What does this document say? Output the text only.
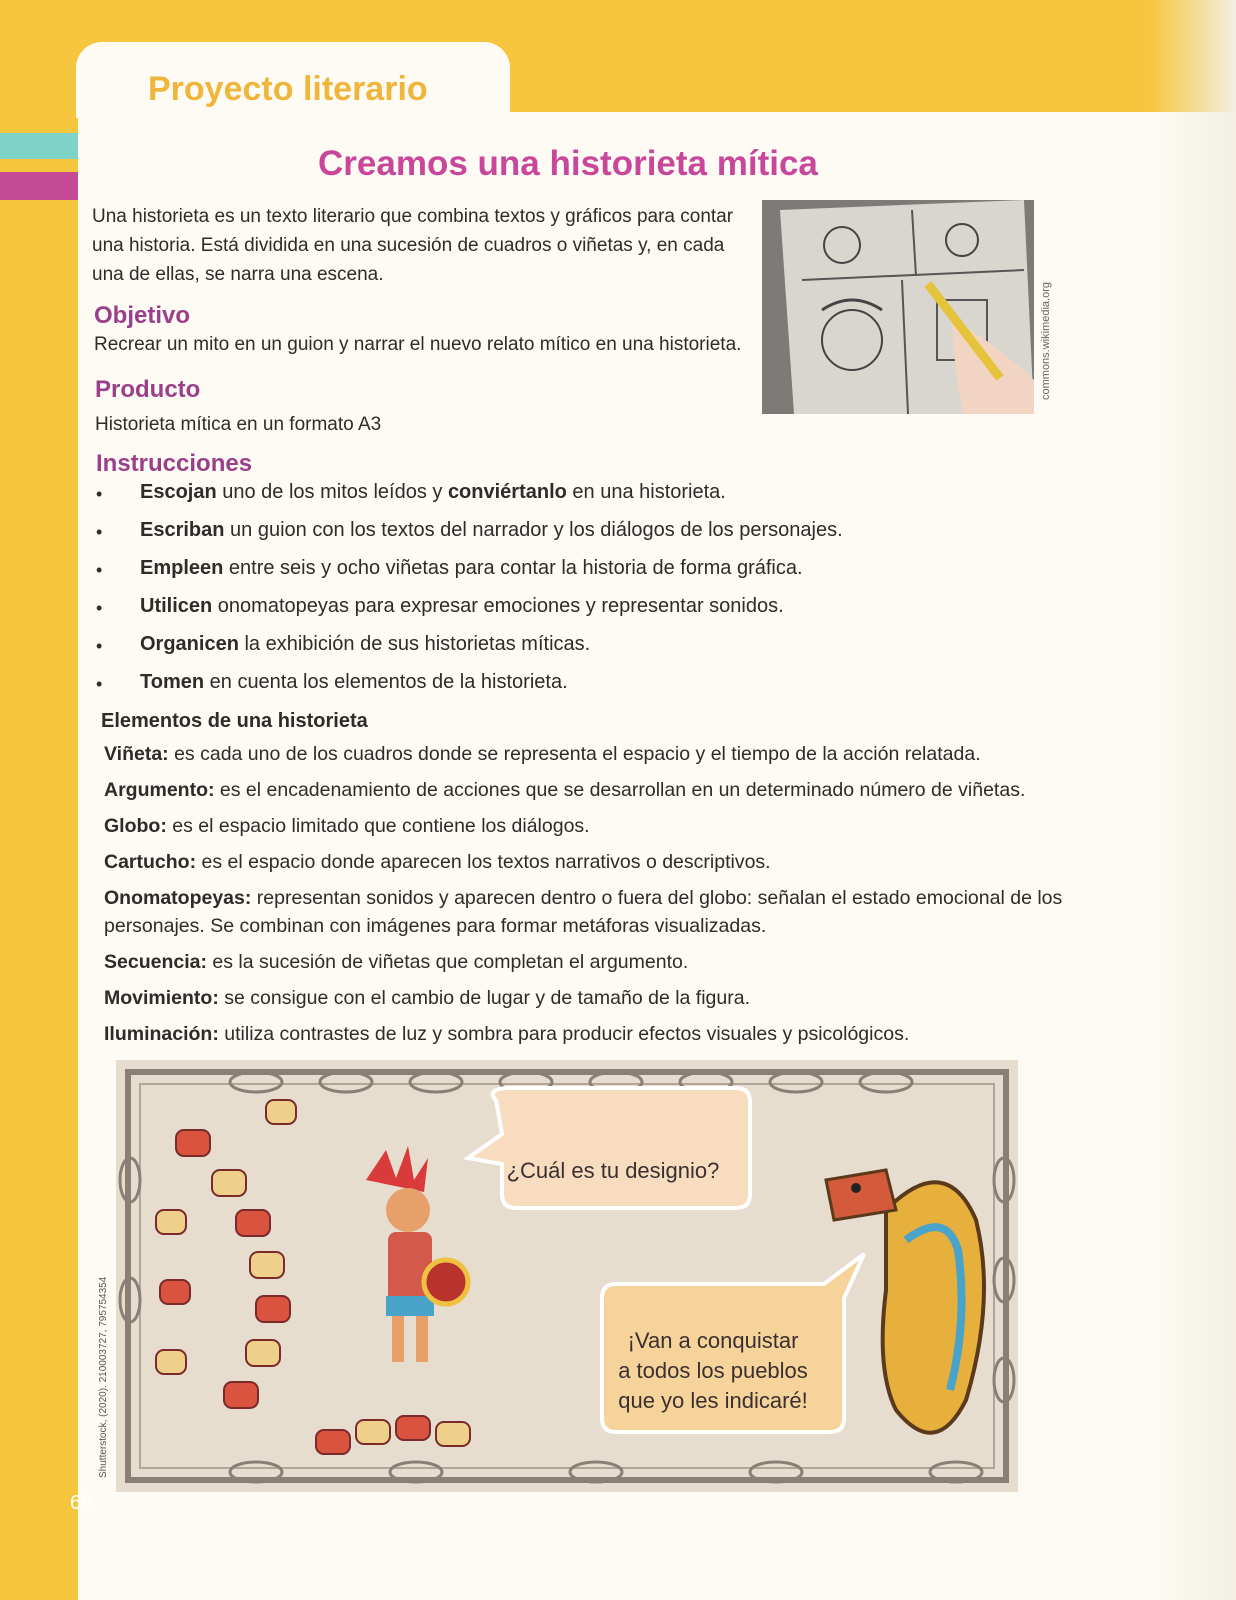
Proyecto literario
Creamos una historieta mítica
Una historieta es un texto literario que combina textos y gráficos para contar
una historia. Está dividida en una sucesión de cuadros o viñetas y, en cada
una de ellas, se narra una escena.
Objetivo
Recrear un mito en un guion y narrar el nuevo relato mítico en una historieta.
Producto
Historieta mítica en un formato A3
commons.wikimedia.org
Instrucciones
• Escojan uno de los mitos leídos y conviértanlo en una historieta.
• Escriban un guion con los textos del narrador y los diálogos de los personajes.
• Empleen entre seis y ocho viñetas para contar la historia de forma gráfica.
• Utilicen onomatopeyas para expresar emociones y representar sonidos.
• Organicen la exhibición de sus historietas míticas.
• Tomen en cuenta los elementos de la historieta.
Elementos de una historieta
Viñeta: es cada uno de los cuadros donde se representa el espacio y el tiempo de la acción relatada.
Argumento: es el encadenamiento de acciones que se desarrollan en un determinado número de viñetas.
Globo: es el espacio limitado que contiene los diálogos.
Cartucho: es el espacio donde aparecen los textos narrativos o descriptivos.
Onomatopeyas: representan sonidos y aparecen dentro o fuera del globo: señalan el estado emocional de los personajes. Se combinan con imágenes para formar metáforas visualizadas.
Secuencia: es la sucesión de viñetas que completan el argumento.
Movimiento: se consigue con el cambio de lugar y de tamaño de la figura.
Iluminación: utiliza contrastes de luz y sombra para producir efectos visuales y psicológicos.
¿Cuál es tu designio?
¡Van a conquistar
a todos los pueblos
que yo les indicaré!
Shutterstock, (2020). 210003727, 795754354
68
